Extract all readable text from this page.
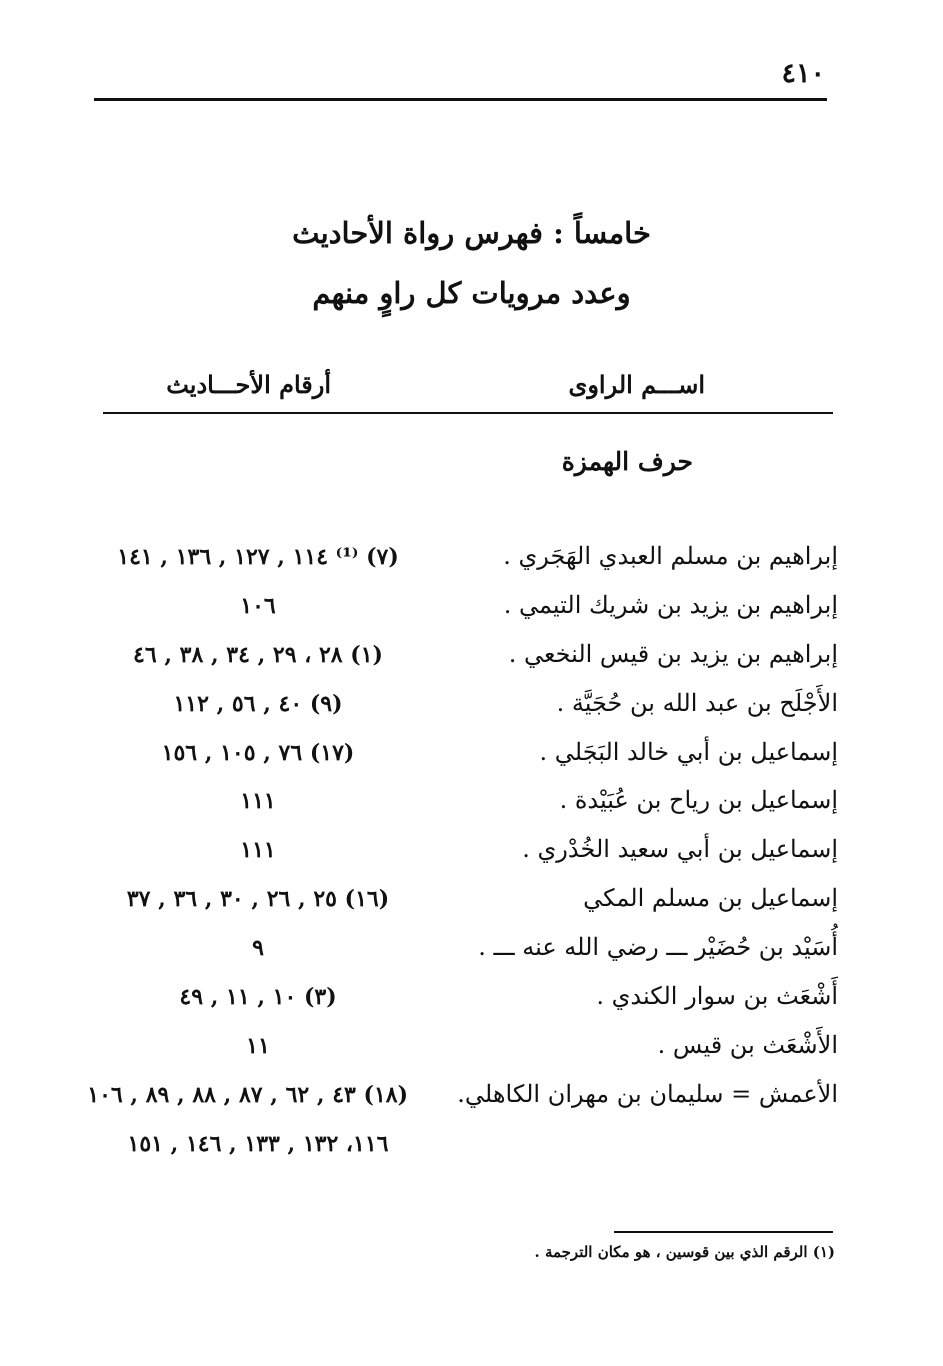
٤١٠
خامساً : فهرس رواة الأحاديث
وعدد مرويات كل راوٍ منهم
اســـم الراوى
أرقام الأحـــاديث
حرف الهمزة
إبراهيم بن مسلم العبدي الهَجَري .
(٧) ⁽¹⁾ ١١٤ , ١٢٧ , ١٣٦ , ١٤١
إبراهيم بن يزيد بن شريك التيمي .
١٠٦
إبراهيم بن يزيد بن قيس النخعي .
(١) ٢٨ ، ٢٩ , ٣٤ , ٣٨ , ٤٦
الأَجْلَح بن عبد الله بن حُجَيَّة .
(٩) ٤٠ , ٥٦ , ١١٢
إسماعيل بن أبي خالد البَجَلي .
(١٧) ٧٦ , ١٠٥ , ١٥٦
إسماعيل بن رياح بن عُبَيْدة .
١١١
إسماعيل بن أبي سعيد الخُدْري .
١١١
إسماعيل بن مسلم المكي
(١٦) ٢٥ , ٢٦ , ٣٠ , ٣٦ , ٣٧
أُسَيْد بن حُضَيْر ـــ رضي الله عنه ـــ .
٩
أَشْعَث بن سوار الكندي .
(٣) ١٠ , ١١ , ٤٩
الأَشْعَث بن قيس .
١١
الأعمش = سليمان بن مهران الكاهلي.
(١٨) ٤٣ , ٦٢ , ٨٧ , ٨٨ , ٨٩ , ١٠٦
١١٦، ١٣٢ , ١٣٣ , ١٤٦ , ١٥١
(١) الرقم الذي بين قوسين ، هو مكان الترجمة .
